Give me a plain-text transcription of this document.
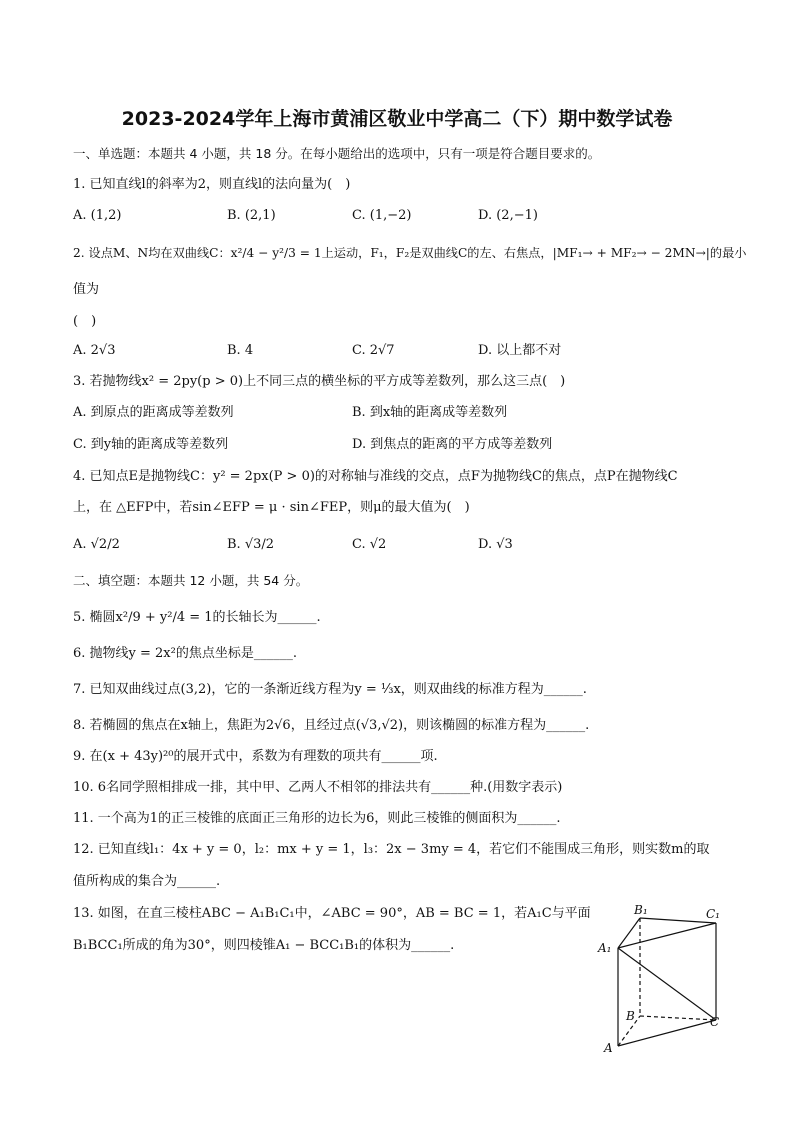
2023-2024学年上海市黄浦区敬业中学高二（下）期中数学试卷
一、单选题：本题共 4 小题，共 18 分。在每小题给出的选项中，只有一项是符合题目要求的。
1. 已知直线l的斜率为2，则直线l的法向量为(　)
A. (1,2)	B. (2,1)	C. (1,−2)	D. (2,−1)
2. 设点M、N均在双曲线C：x²/4 − y²/3 = 1上运动，F₁，F₂是双曲线C的左、右焦点，|MF₁→ + MF₂→ − 2MN→|的最小
值为
(　)
A. 2√3	B. 4	C. 2√7	D. 以上都不对
3. 若抛物线x² = 2py(p > 0)上不同三点的横坐标的平方成等差数列，那么这三点(　)
A. 到原点的距离成等差数列	B. 到x轴的距离成等差数列
C. 到y轴的距离成等差数列	D. 到焦点的距离的平方成等差数列
4. 已知点E是抛物线C：y² = 2px(P > 0)的对称轴与准线的交点，点F为抛物线C的焦点，点P在抛物线C
上，在 △EFP中，若sin∠EFP = μ · sin∠FEP，则μ的最大值为(　)
A. √2/2	B. √3/2	C. √2	D. √3
二、填空题：本题共 12 小题，共 54 分。
5. 椭圆x²/9 + y²/4 = 1的长轴长为______.
6. 抛物线y = 2x²的焦点坐标是______.
7. 已知双曲线过点(3,2)，它的一条渐近线方程为y = ⅓x，则双曲线的标准方程为______.
8. 若椭圆的焦点在x轴上，焦距为2√6，且经过点(√3,√2)，则该椭圆的标准方程为______.
9. 在(x + 43y)²⁰的展开式中，系数为有理数的项共有______项.
10. 6名同学照相排成一排，其中甲、乙两人不相邻的排法共有______种.(用数字表示)
11. 一个高为1的正三棱锥的底面正三角形的边长为6，则此三棱锥的侧面积为______.
12. 已知直线l₁：4x + y = 0，l₂：mx + y = 1，l₃：2x − 3my = 4，若它们不能围成三角形，则实数m的取
值所构成的集合为______.
13. 如图，在直三棱柱ABC − A₁B₁C₁中，∠ABC = 90°，AB = BC = 1，若A₁C与平面
B₁BCC₁所成的角为30°，则四棱锥A₁ − BCC₁B₁的体积为______.
B₁	C₁
A₁
B	C
A
